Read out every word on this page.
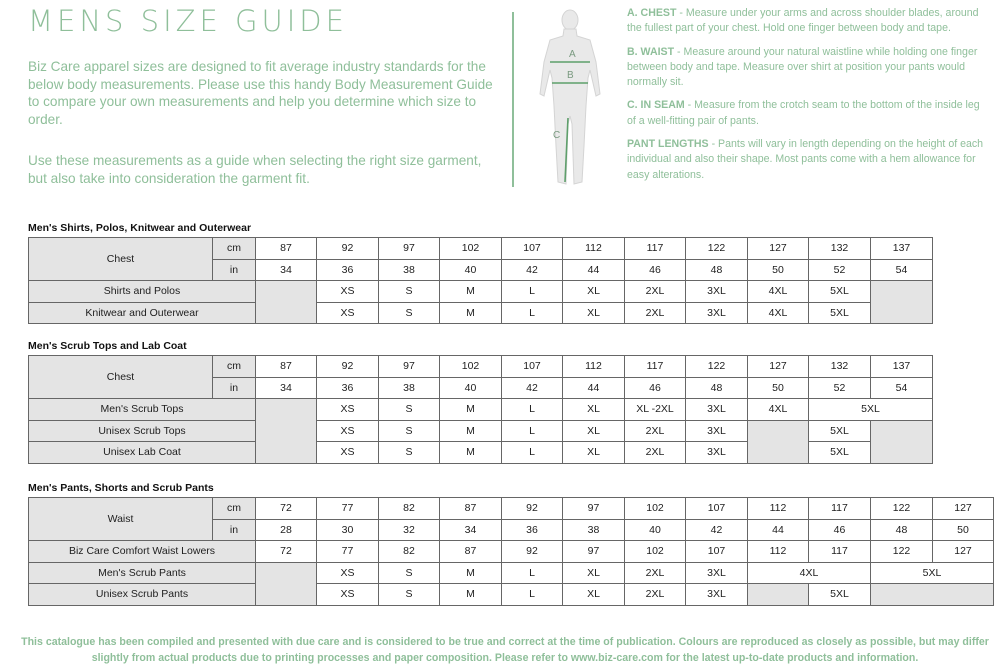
MENS SIZE GUIDE

Biz Care apparel sizes are designed to fit average industry standards for the below body measurements. Please use this handy Body Measurement Guide to compare your own measurements and help you determine which size to order.

Use these measurements as a guide when selecting the right size garment, but also take into consideration the garment fit.

A
B
C

A. CHEST - Measure under your arms and across shoulder blades, around the fullest part of your chest. Hold one finger between body and tape.

B. WAIST - Measure around your natural waistline while holding one finger between body and tape. Measure over shirt at position your pants would normally sit.

C. IN SEAM - Measure from the crotch seam to the bottom of the inside leg of a well-fitting pair of pants.

PANT LENGTHS - Pants will vary in length depending on the height of each individual and also their shape. Most pants come with a hem allowance for easy alterations.

Men's Shirts, Polos, Knitwear and Outerwear

Chest	cm	87	92	97	102	107	112	117	122	127	132	137
	in	34	36	38	40	42	44	46	48	50	52	54
Shirts and Polos			XS	S	M	L	XL	2XL	3XL	4XL	5XL	
Knitwear and Outerwear			XS	S	M	L	XL	2XL	3XL	4XL	5XL	

Men's Scrub Tops and Lab Coat

Chest	cm	87	92	97	102	107	112	117	122	127	132	137
	in	34	36	38	40	42	44	46	48	50	52	54
Men's Scrub Tops			XS	S	M	L	XL	XL -2XL	3XL	4XL	5XL	
Unisex Scrub Tops			XS	S	M	L	XL	2XL	3XL		5XL	
Unisex Lab Coat			XS	S	M	L	XL	2XL	3XL		5XL	

Men's Pants, Shorts and Scrub Pants

Waist	cm	72	77	82	87	92	97	102	107	112	117	122	127
	in	28	30	32	34	36	38	40	42	44	46	48	50
Biz Care Comfort Waist Lowers		72	77	82	87	92	97	102	107	112	117	122	127
Men's Scrub Pants			XS	S	M	L	XL	2XL	3XL	4XL		5XL	
Unisex Scrub Pants			XS	S	M	L	XL	2XL	3XL		5XL		

This catalogue has been compiled and presented with due care and is considered to be true and correct at the time of publication. Colours are reproduced as closely as possible, but may differ slightly from actual products due to printing processes and paper composition. Please refer to www.biz-care.com for the latest up-to-date products and information.
